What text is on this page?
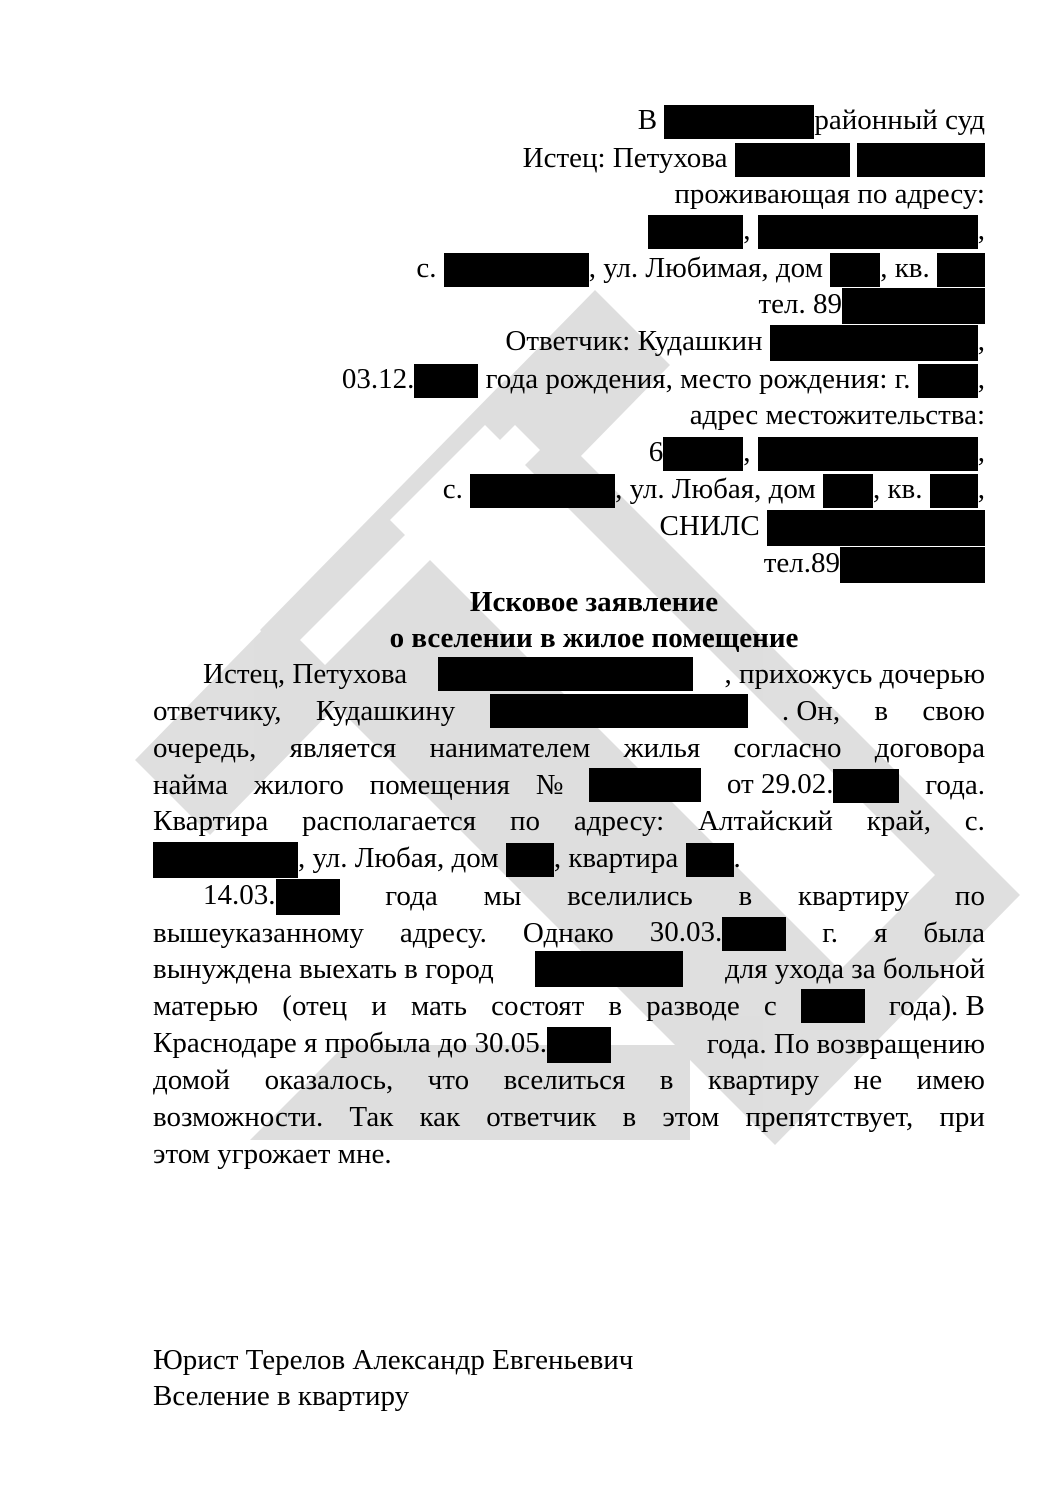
В	районный суд
Истец: Петухова
проживающая по адресу:
,	,
с.	, ул. Любимая, дом , кв.
тел. 89
Ответчик: Кудашкин	,
03.12. года рождения, место рождения: г. ,
адрес местожительства:
6	,	,
с.	, ул. Любая, дом , кв. ,
СНИЛС
тел.89
Исковое заявление
о вселении в жилое помещение
Истец, Петухова	, прихожусь дочерью
ответчику, Кудашкину	. Он, в свою
очередь, является нанимателем жилья согласно договора
найма жилого помещения №	от 29.02.	года.
Квартира располагается по адресу: Алтайский край, с.
, ул. Любая, дом , квартира .
14.03.	года мы вселились в квартиру по
вышеуказанному адресу. Однако 30.03.	г. я была
вынуждена выехать в город	для ухода за больной
матерью (отец и мать состоят в разводе с	года). В
Краснодаре я пробыла до 30.05.	года. По возвращению
домой оказалось, что вселиться в квартиру не имею
возможности. Так как ответчик в этом препятствует, при
этом угрожает мне.
Юрист Терелов Александр Евгеньевич
Вселение в квартиру
